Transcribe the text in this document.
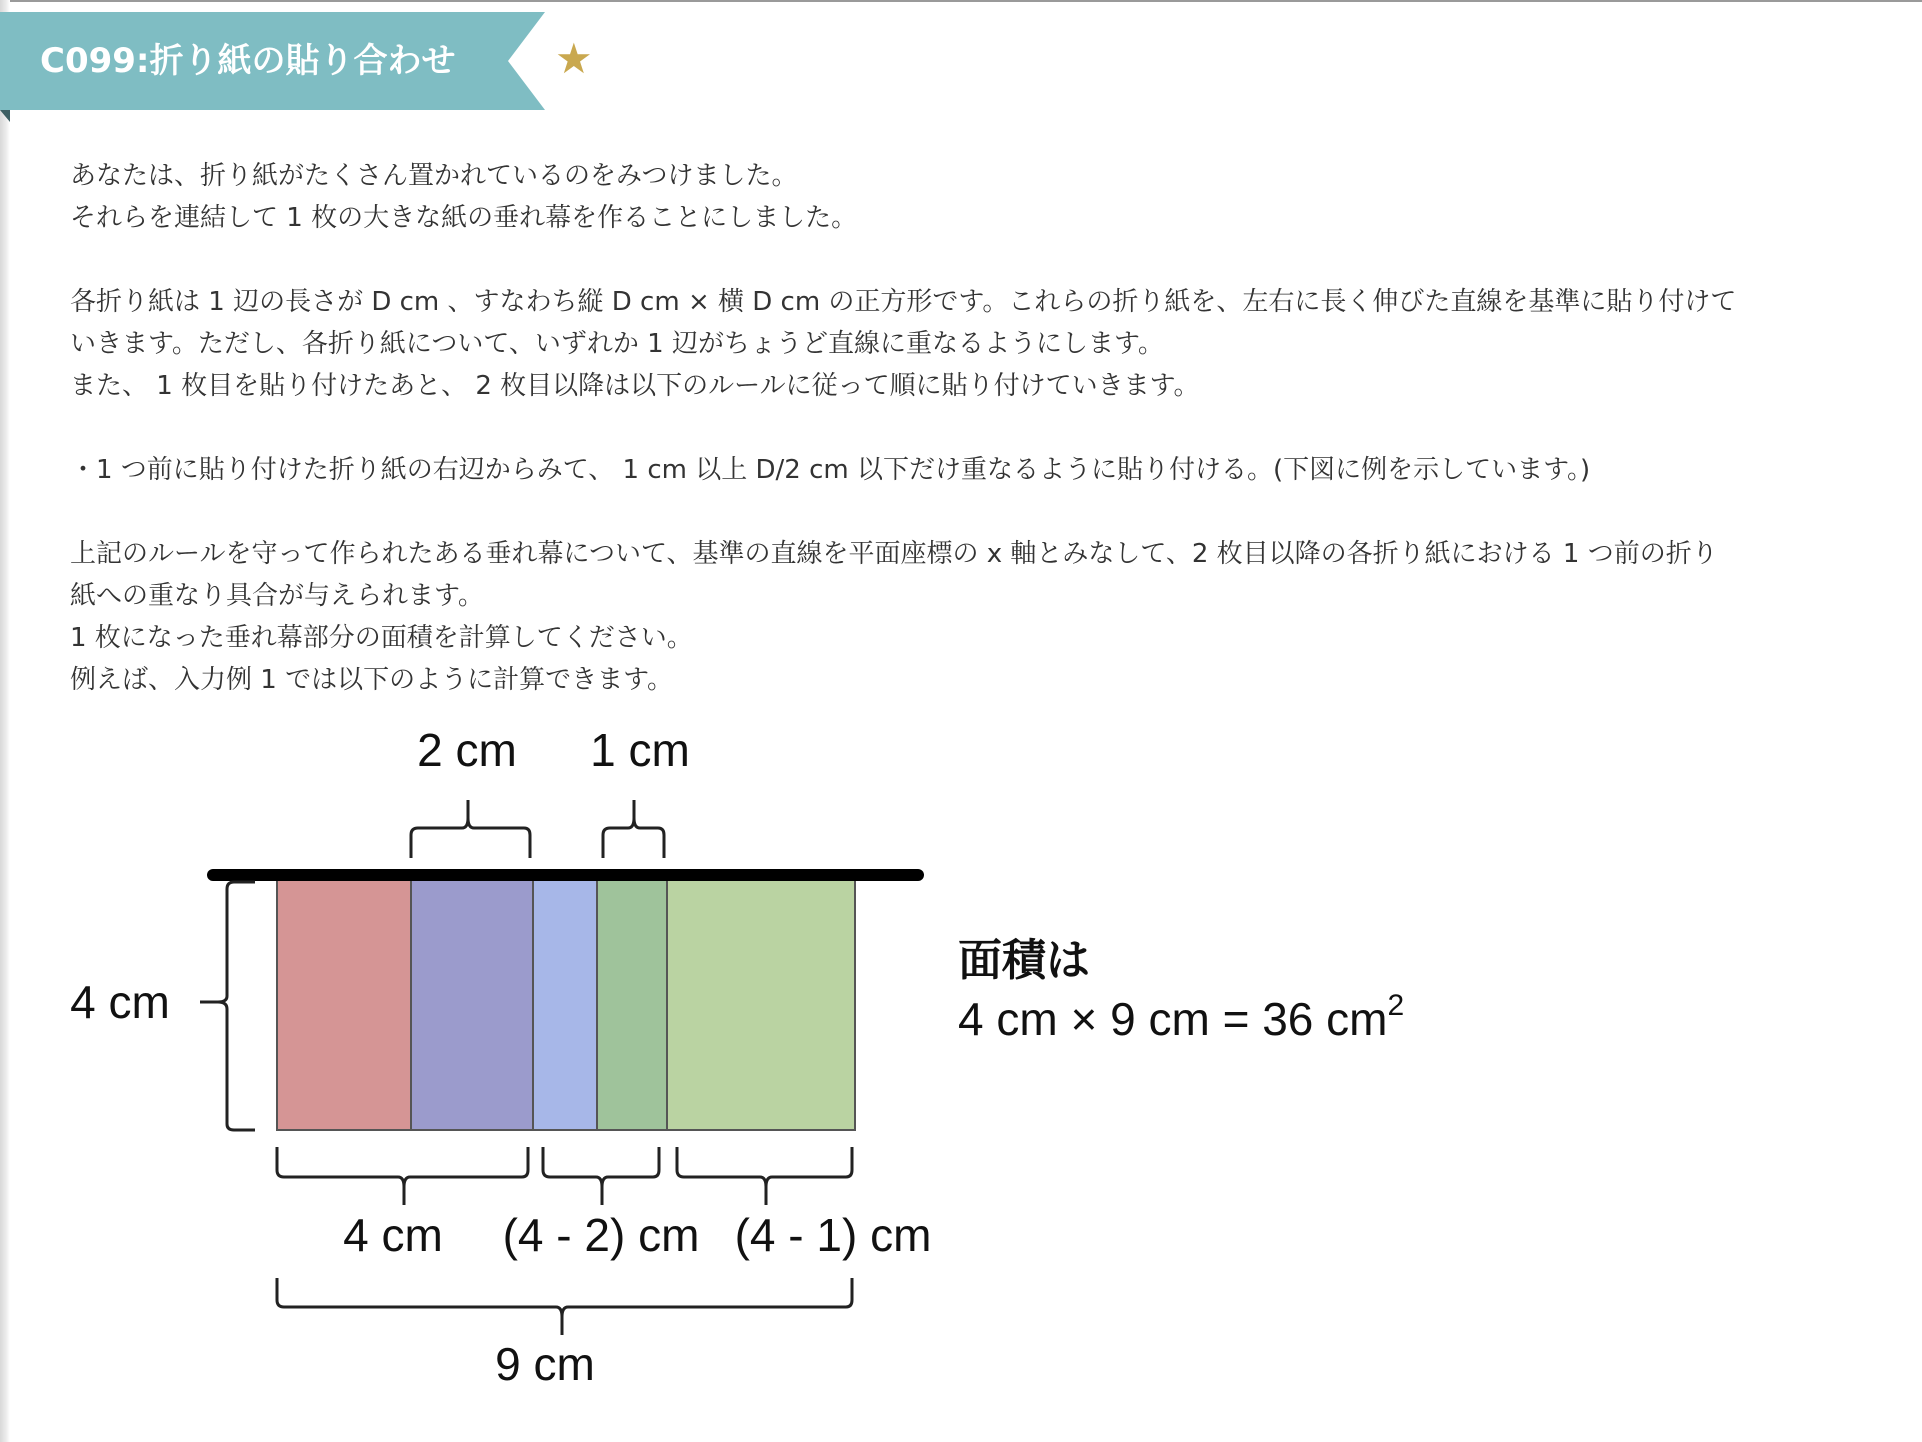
C099:折り紙の貼り合わせ ★

あなたは、折り紙がたくさん置かれているのをみつけました。

それらを連結して 1 枚の大きな紙の垂れ幕を作ることにしました。

各折り紙は 1 辺の長さが D cm 、すなわち縦 D cm × 横 D cm の正方形です。これらの折り紙を、左右に長く伸びた直線を基準に貼り付けて

いきます。ただし、各折り紙について、いずれか 1 辺がちょうど直線に重なるようにします。

また、 1 枚目を貼り付けたあと、 2 枚目以降は以下のルールに従って順に貼り付けていきます。

・1 つ前に貼り付けた折り紙の右辺からみて、 1 cm 以上 D/2 cm 以下だけ重なるように貼り付ける。(下図に例を示しています。)

上記のルールを守って作られたある垂れ幕について、基準の直線を平面座標の x 軸とみなして、2 枚目以降の各折り紙における 1 つ前の折り

紙への重なり具合が与えられます。

1 枚になった垂れ幕部分の面積を計算してください。

例えば、入力例 1 では以下のように計算できます。

2 cm 1 cm
4 cm
4 cm (4 - 2) cm (4 - 1) cm
9 cm
面積は
4 cm × 9 cm = 36 $cm^2$
